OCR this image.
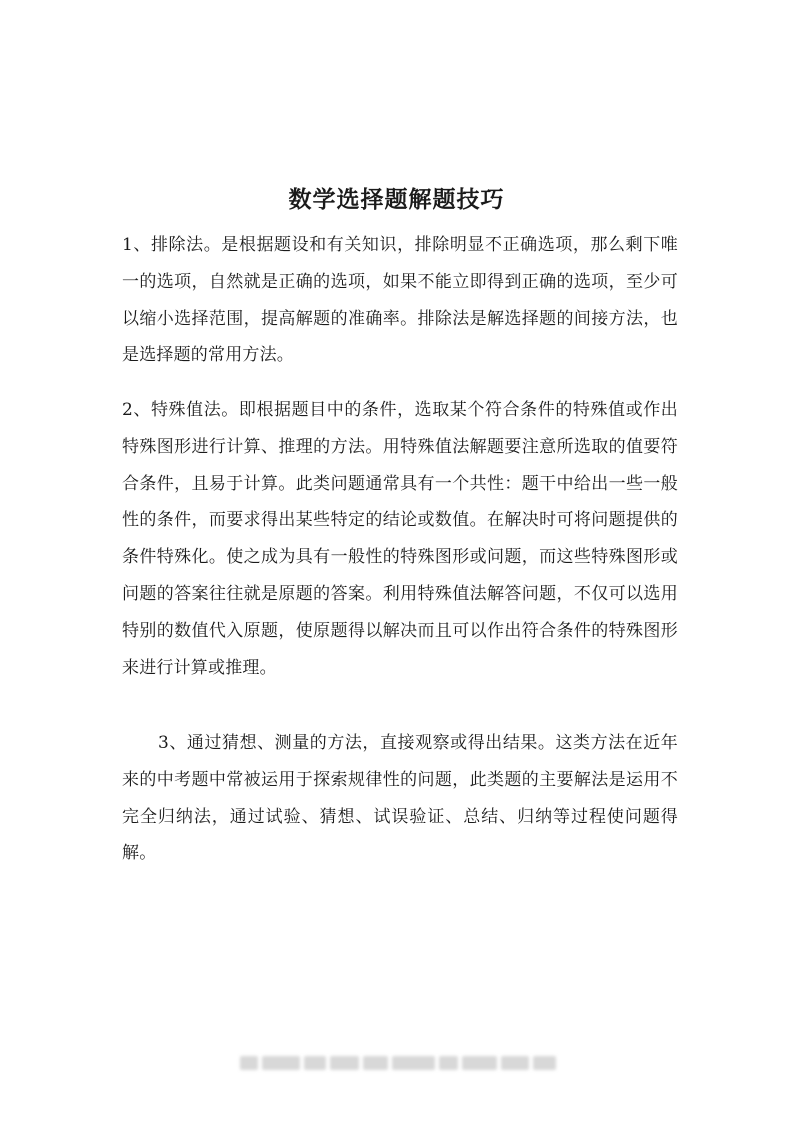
数学选择题解题技巧
1、排除法。是根据题设和有关知识，排除明显不正确选项，那么剩下唯一的选项，自然就是正确的选项，如果不能立即得到正确的选项，至少可以缩小选择范围，提高解题的准确率。排除法是解选择题的间接方法，也是选择题的常用方法。
2、特殊值法。即根据题目中的条件，选取某个符合条件的特殊值或作出特殊图形进行计算、推理的方法。用特殊值法解题要注意所选取的值要符合条件，且易于计算。此类问题通常具有一个共性：题干中给出一些一般性的条件，而要求得出某些特定的结论或数值。在解决时可将问题提供的条件特殊化。使之成为具有一般性的特殊图形或问题，而这些特殊图形或问题的答案往往就是原题的答案。利用特殊值法解答问题，不仅可以选用特别的数值代入原题，使原题得以解决而且可以作出符合条件的特殊图形来进行计算或推理。
3、通过猜想、测量的方法，直接观察或得出结果。这类方法在近年来的中考题中常被运用于探索规律性的问题，此类题的主要解法是运用不完全归纳法，通过试验、猜想、试误验证、总结、归纳等过程使问题得解。
